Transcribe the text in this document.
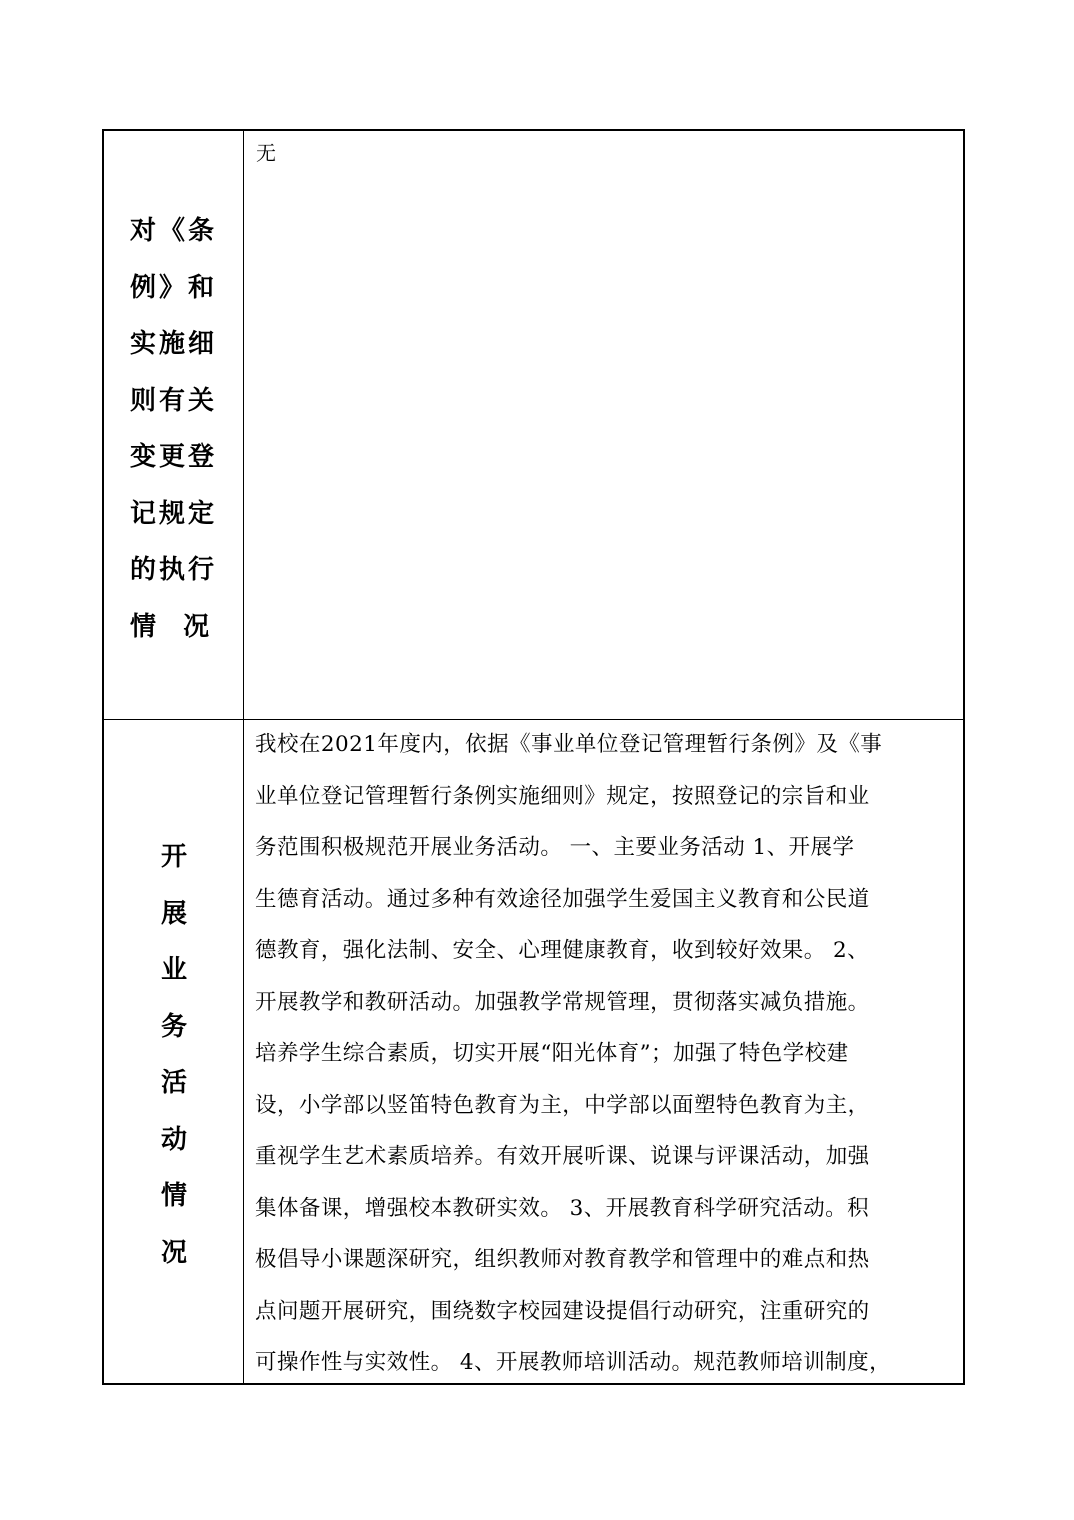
对《条
例》和
实施细
则有关
变更登
记规定
的执行
情  况
无
开
展
业
务
活
动
情
况
我校在2021年度内，依据《事业单位登记管理暂行条例》及《事
业单位登记管理暂行条例实施细则》规定，按照登记的宗旨和业
务范围积极规范开展业务活动。 一、主要业务活动 1、开展学
生德育活动。通过多种有效途径加强学生爱国主义教育和公民道
德教育，强化法制、安全、心理健康教育，收到较好效果。 2、
开展教学和教研活动。加强教学常规管理，贯彻落实减负措施。
培养学生综合素质，切实开展“阳光体育”；加强了特色学校建
设，小学部以竖笛特色教育为主，中学部以面塑特色教育为主，
重视学生艺术素质培养。有效开展听课、说课与评课活动，加强
集体备课，增强校本教研实效。 3、开展教育科学研究活动。积
极倡导小课题深研究，组织教师对教育教学和管理中的难点和热
点问题开展研究，围绕数字校园建设提倡行动研究，注重研究的
可操作性与实效性。 4、开展教师培训活动。规范教师培训制度，
